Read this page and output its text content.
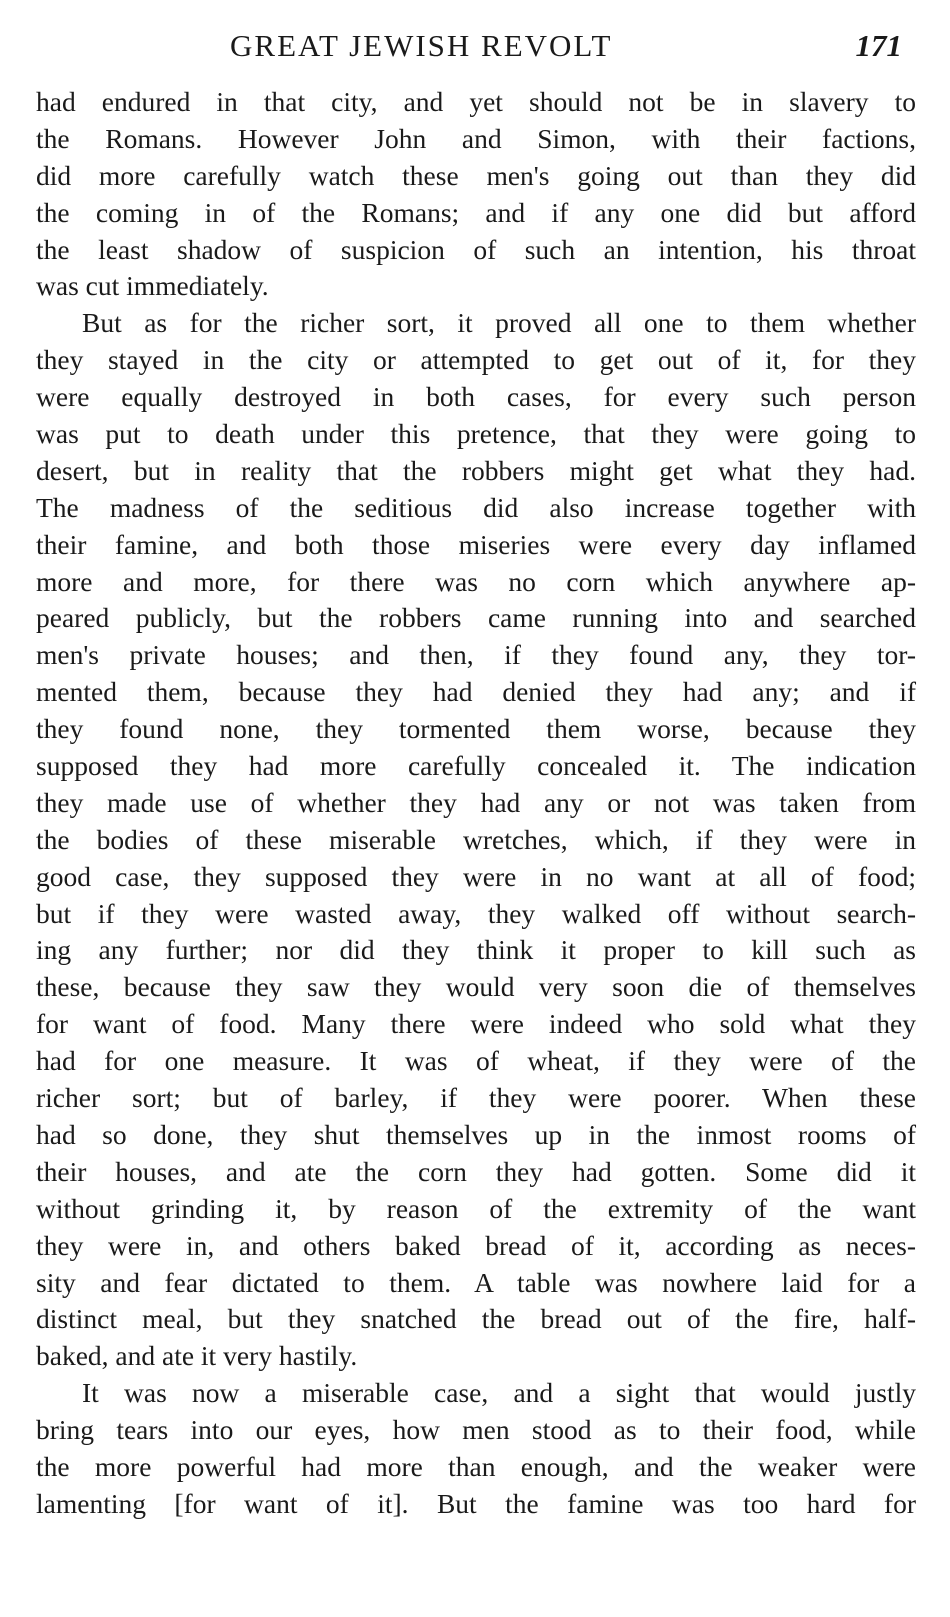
GREAT JEWISH REVOLT	171
had endured in that city, and yet should not be in slavery to
the Romans. However John and Simon, with their factions,
did more carefully watch these men's going out than they did
the coming in of the Romans; and if any one did but afford
the least shadow of suspicion of such an intention, his throat
was cut immediately.
But as for the richer sort, it proved all one to them whether
they stayed in the city or attempted to get out of it, for they
were equally destroyed in both cases, for every such person
was put to death under this pretence, that they were going to
desert, but in reality that the robbers might get what they had.
The madness of the seditious did also increase together with
their famine, and both those miseries were every day inflamed
more and more, for there was no corn which anywhere ap-
peared publicly, but the robbers came running into and searched
men's private houses; and then, if they found any, they tor-
mented them, because they had denied they had any; and if
they found none, they tormented them worse, because they
supposed they had more carefully concealed it. The indication
they made use of whether they had any or not was taken from
the bodies of these miserable wretches, which, if they were in
good case, they supposed they were in no want at all of food;
but if they were wasted away, they walked off without search-
ing any further; nor did they think it proper to kill such as
these, because they saw they would very soon die of themselves
for want of food. Many there were indeed who sold what they
had for one measure. It was of wheat, if they were of the
richer sort; but of barley, if they were poorer. When these
had so done, they shut themselves up in the inmost rooms of
their houses, and ate the corn they had gotten. Some did it
without grinding it, by reason of the extremity of the want
they were in, and others baked bread of it, according as neces-
sity and fear dictated to them. A table was nowhere laid for a
distinct meal, but they snatched the bread out of the fire, half-
baked, and ate it very hastily.
It was now a miserable case, and a sight that would justly
bring tears into our eyes, how men stood as to their food, while
the more powerful had more than enough, and the weaker were
lamenting [for want of it]. But the famine was too hard for
